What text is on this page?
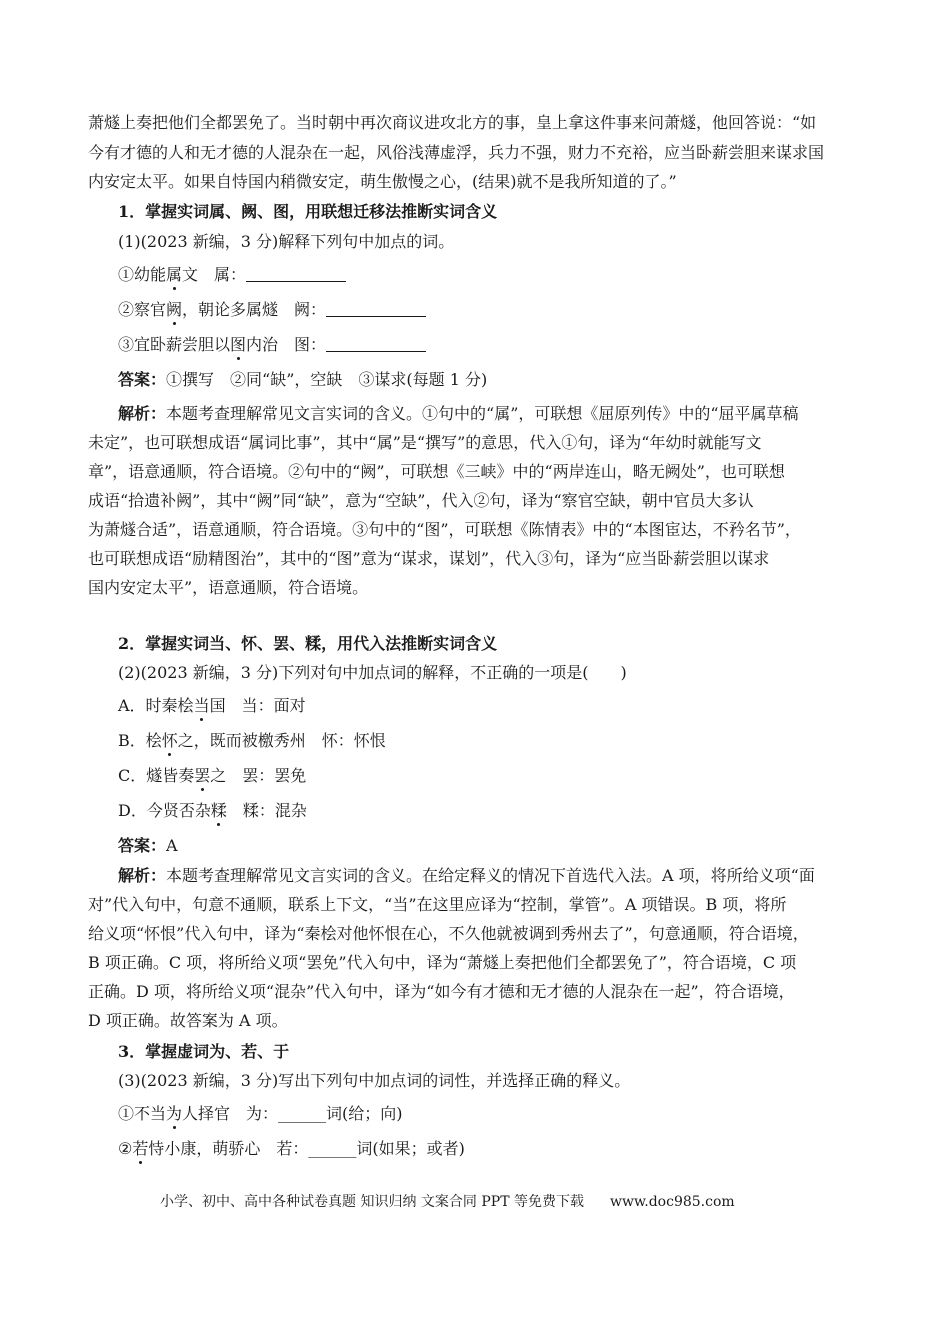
萧燧上奏把他们全都罢免了。当时朝中再次商议进攻北方的事，皇上拿这件事来问萧燧，他回答说：“如
今有才德的人和无才德的人混杂在一起，风俗浅薄虚浮，兵力不强，财力不充裕，应当卧薪尝胆来谋求国
内安定太平。如果自恃国内稍微安定，萌生傲慢之心，(结果)就不是我所知道的了。”
1．掌握实词属、阙、图，用联想迁移法推断实词含义
(1)(2023 新编，3 分)解释下列句中加点的词。
①幼能属文　属：
②察官阙，朝论多属燧　阙：
③宜卧薪尝胆以图内治　图：
答案：①撰写　②同“缺”，空缺　③谋求(每题 1 分)
解析：本题考查理解常见文言实词的含义。①句中的“属”，可联想《屈原列传》中的“屈平属草稿
未定”，也可联想成语“属词比事”，其中“属”是“撰写”的意思，代入①句，译为“年幼时就能写文
章”，语意通顺，符合语境。②句中的“阙”，可联想《三峡》中的“两岸连山，略无阙处”，也可联想
成语“拾遗补阙”，其中“阙”同“缺”，意为“空缺”，代入②句，译为“察官空缺，朝中官员大多认
为萧燧合适”，语意通顺，符合语境。③句中的“图”，可联想《陈情表》中的“本图宦达，不矜名节”，
也可联想成语“励精图治”，其中的“图”意为“谋求，谋划”，代入③句，译为“应当卧薪尝胆以谋求
国内安定太平”，语意通顺，符合语境。
2．掌握实词当、怀、罢、糅，用代入法推断实词含义
(2)(2023 新编，3 分)下列对句中加点词的解释，不正确的一项是(　　)
A．时秦桧当国　当：面对
B．桧怀之，既而被檄秀州　怀：怀恨
C．燧皆奏罢之　罢：罢免
D．今贤否杂糅　糅：混杂
答案：A
解析：本题考查理解常见文言实词的含义。在给定释义的情况下首选代入法。A 项，将所给义项“面
对”代入句中，句意不通顺，联系上下文，“当”在这里应译为“控制，掌管”。A 项错误。B 项，将所
给义项“怀恨”代入句中，译为“秦桧对他怀恨在心，不久他就被调到秀州去了”，句意通顺，符合语境，
B 项正确。C 项，将所给义项“罢免”代入句中，译为“萧燧上奏把他们全都罢免了”，符合语境，C 项
正确。D 项，将所给义项“混杂”代入句中，译为“如今有才德和无才德的人混杂在一起”，符合语境，
D 项正确。故答案为 A 项。
3．掌握虚词为、若、于
(3)(2023 新编，3 分)写出下列句中加点词的词性，并选择正确的释义。
①不当为人择官　为：______词(给；向)
②若恃小康，萌骄心　若：______词(如果；或者)
小学、初中、高中各种试卷真题 知识归纳 文案合同 PPT 等免费下载 www.doc985.com
